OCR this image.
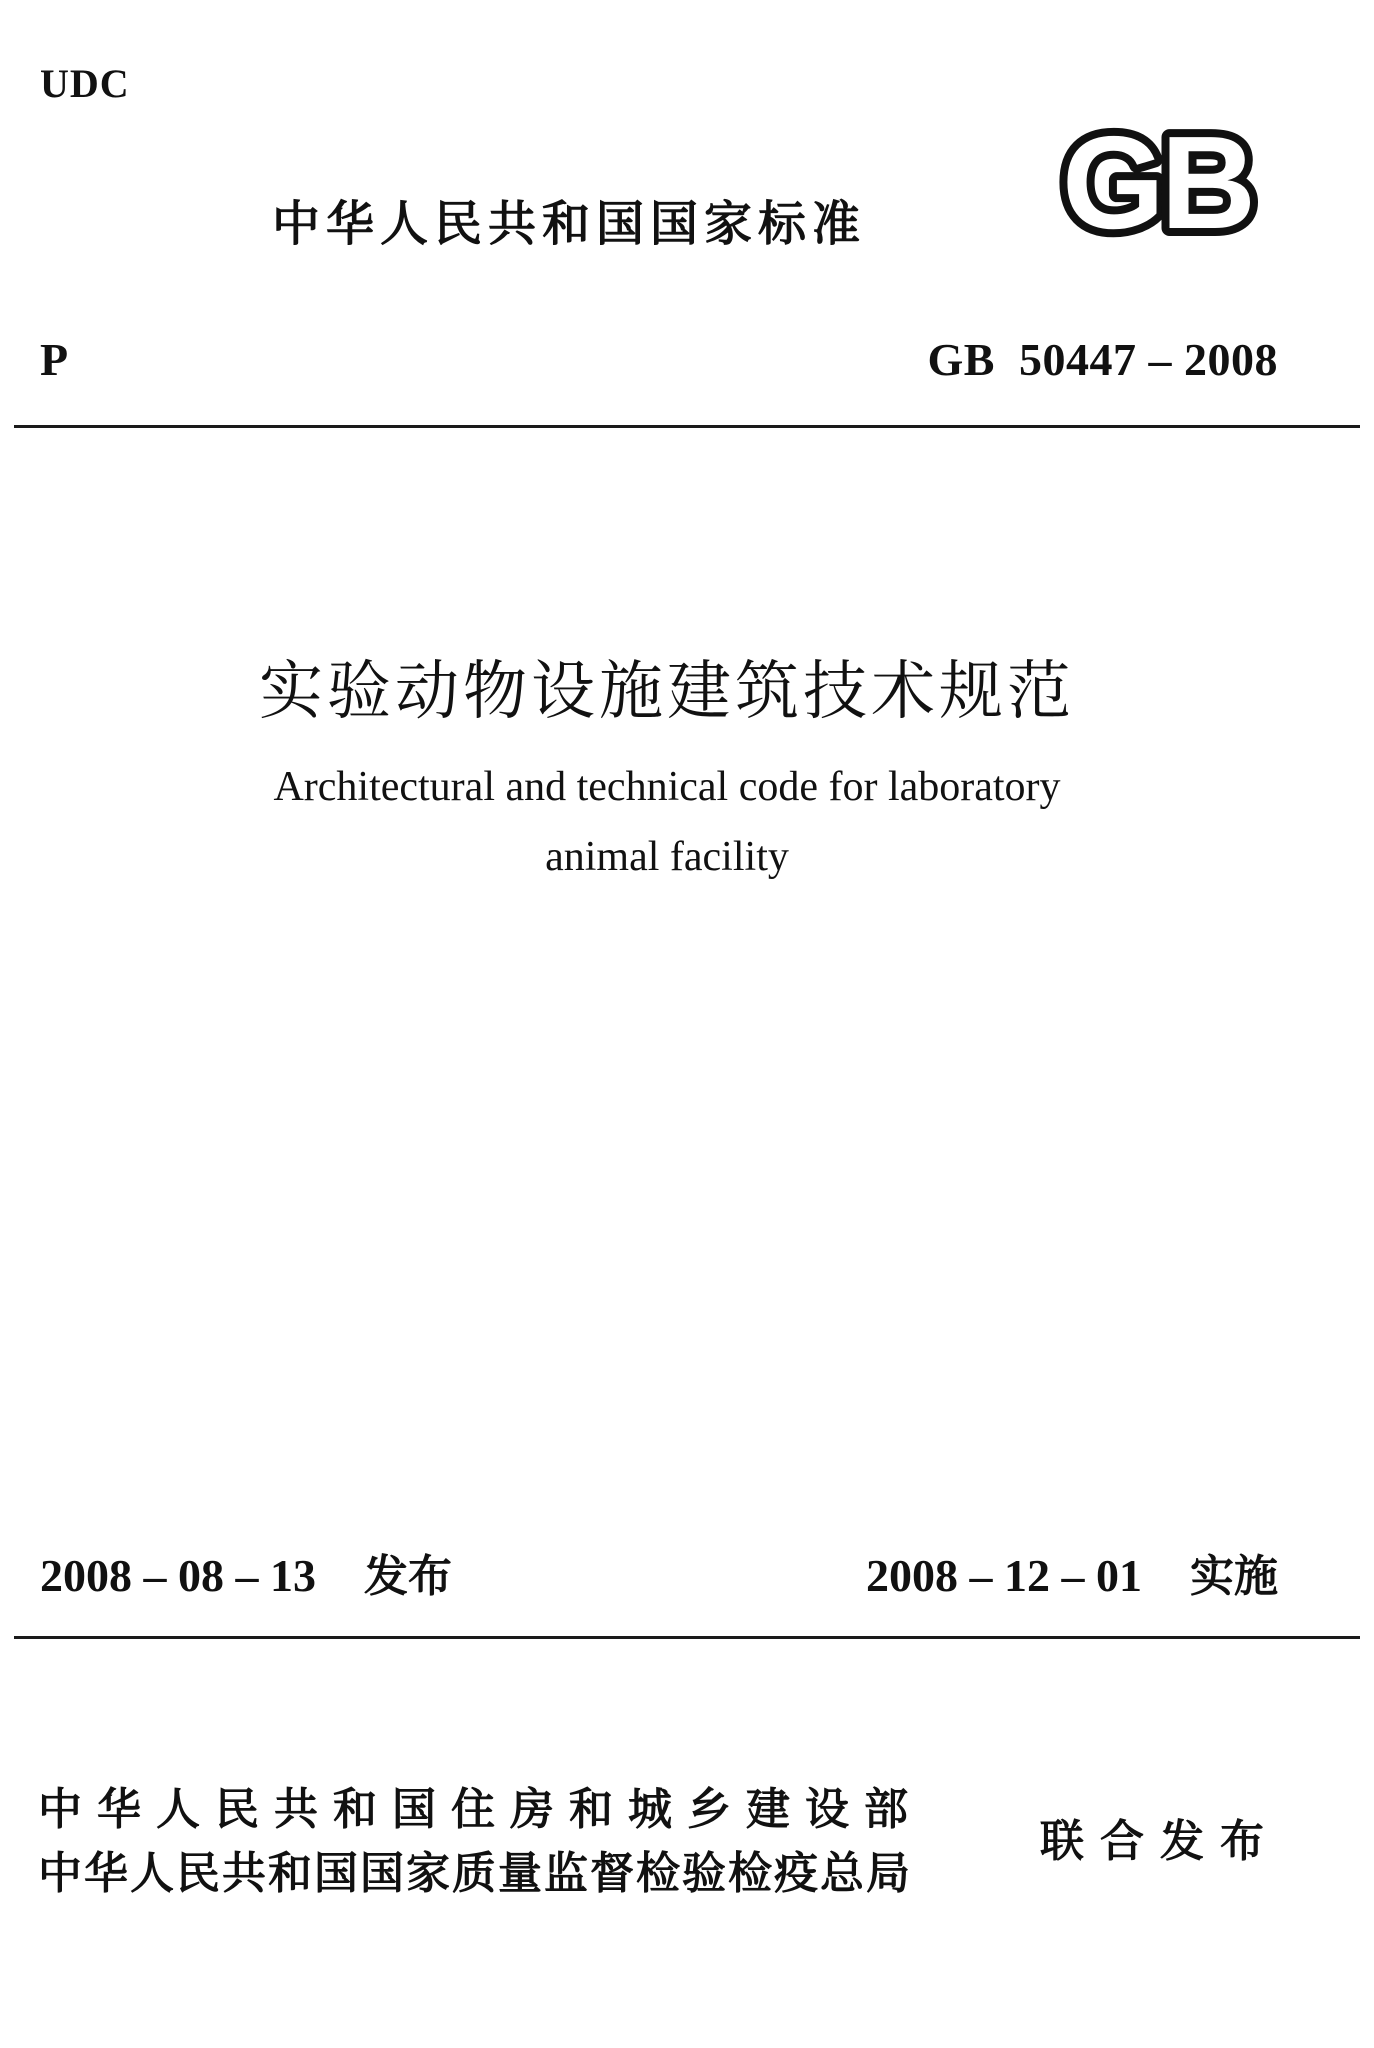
UDC
中华人民共和国国家标准 GB
P	GB  50447 – 2008
实验动物设施建筑技术规范
Architectural and technical code for laboratory
animal facility
2008 – 08 – 13 发布	2008 – 12 – 01 实施
中华人民共和国住房和城乡建设部
中华人民共和国国家质量监督检验检疫总局
联合发布
